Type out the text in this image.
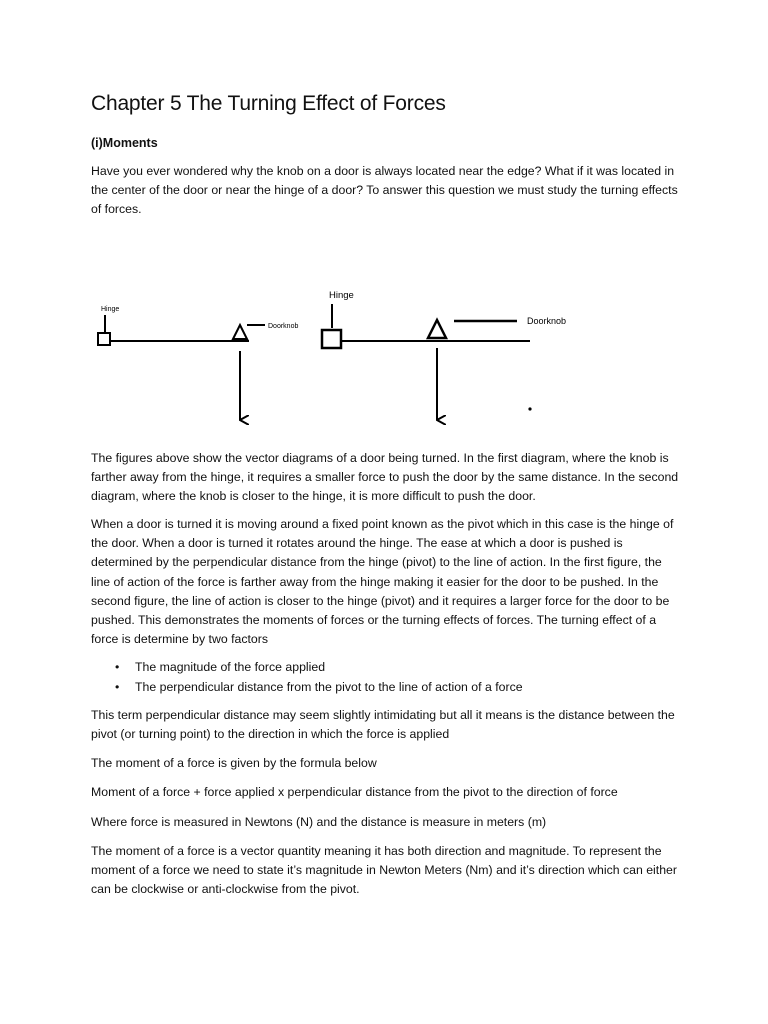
Chapter 5 The Turning Effect of Forces
(i)Moments

Have you ever wondered why the knob on a door is always located near the edge? What if it was located in the center of the door or near the hinge of a door? To answer this question we must study the turning effects of forces.

Hinge
Doorknob
Hinge
Doorknob

The figures above show the vector diagrams of a door being turned. In the first diagram, where the knob is farther away from the hinge, it requires a smaller force to push the door by the same distance. In the second diagram, where the knob is closer to the hinge, it is more difficult to push the door.

When a door is turned it is moving around a fixed point known as the pivot which in this case is the hinge of the door. When a door is turned it rotates around the hinge. The ease at which a door is pushed is determined by the perpendicular distance from the hinge (pivot) to the line of action. In the first figure, the line of action of the force is farther away from the hinge making it easier for the door to be pushed. In the second figure, the line of action is closer to the hinge (pivot) and it requires a larger force for the door to be pushed. This demonstrates the moments of forces or the turning effects of forces. The turning effect of a force is determine by two factors

• The magnitude of the force applied
• The perpendicular distance from the pivot to the line of action of a force

This term perpendicular distance may seem slightly intimidating but all it means is the distance between the pivot (or turning point) to the direction in which the force is applied

The moment of a force is given by the formula below

Moment of a force + force applied x perpendicular distance from the pivot to the direction of force

Where force is measured in Newtons (N) and the distance is measure in meters (m)

The moment of a force is a vector quantity meaning it has both direction and magnitude. To represent the moment of a force we need to state it’s magnitude in Newton Meters (Nm) and it’s direction which can either can be clockwise or anti-clockwise from the pivot.
